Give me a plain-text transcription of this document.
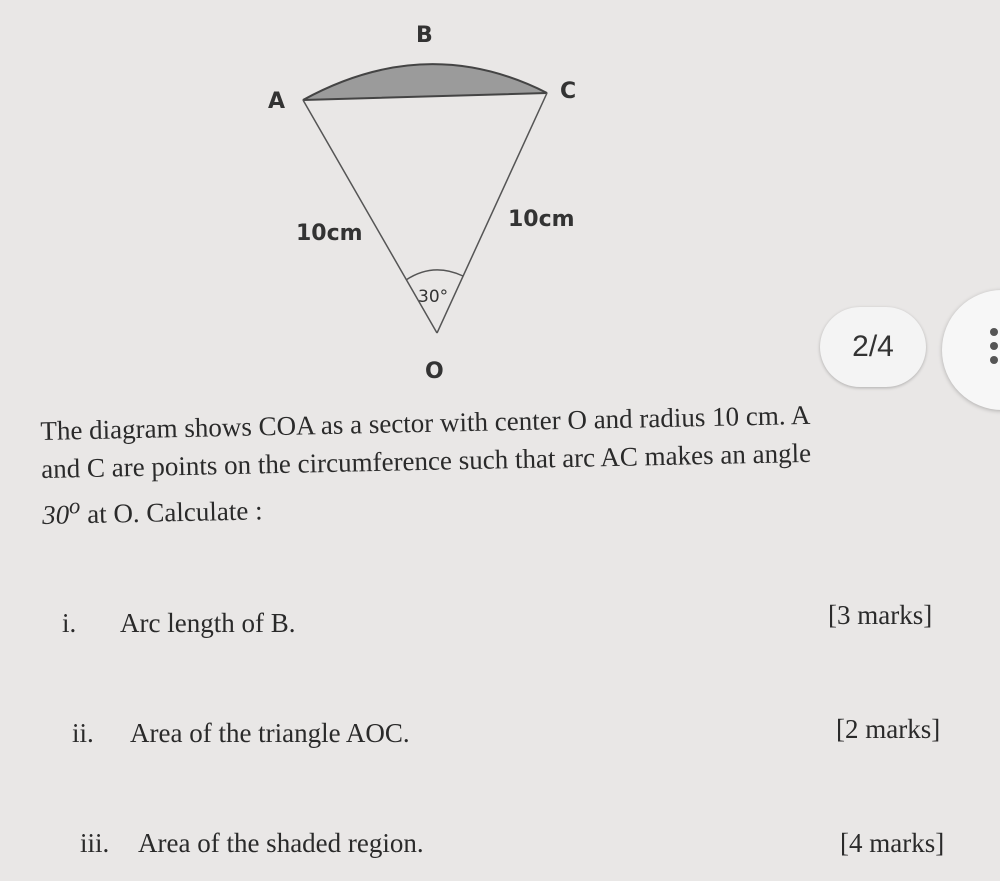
B
A	C
O
10cm
10cm
30°
2/4

The diagram shows COA as a sector with center O and radius 10 cm. A
and C are points on the circumference such that arc AC makes an angle
30$^o$ at O. Calculate :

i. Arc length of B.	[3 marks]
ii. Area of the triangle AOC.	[2 marks]
iii. Area of the shaded region.	[4 marks]
